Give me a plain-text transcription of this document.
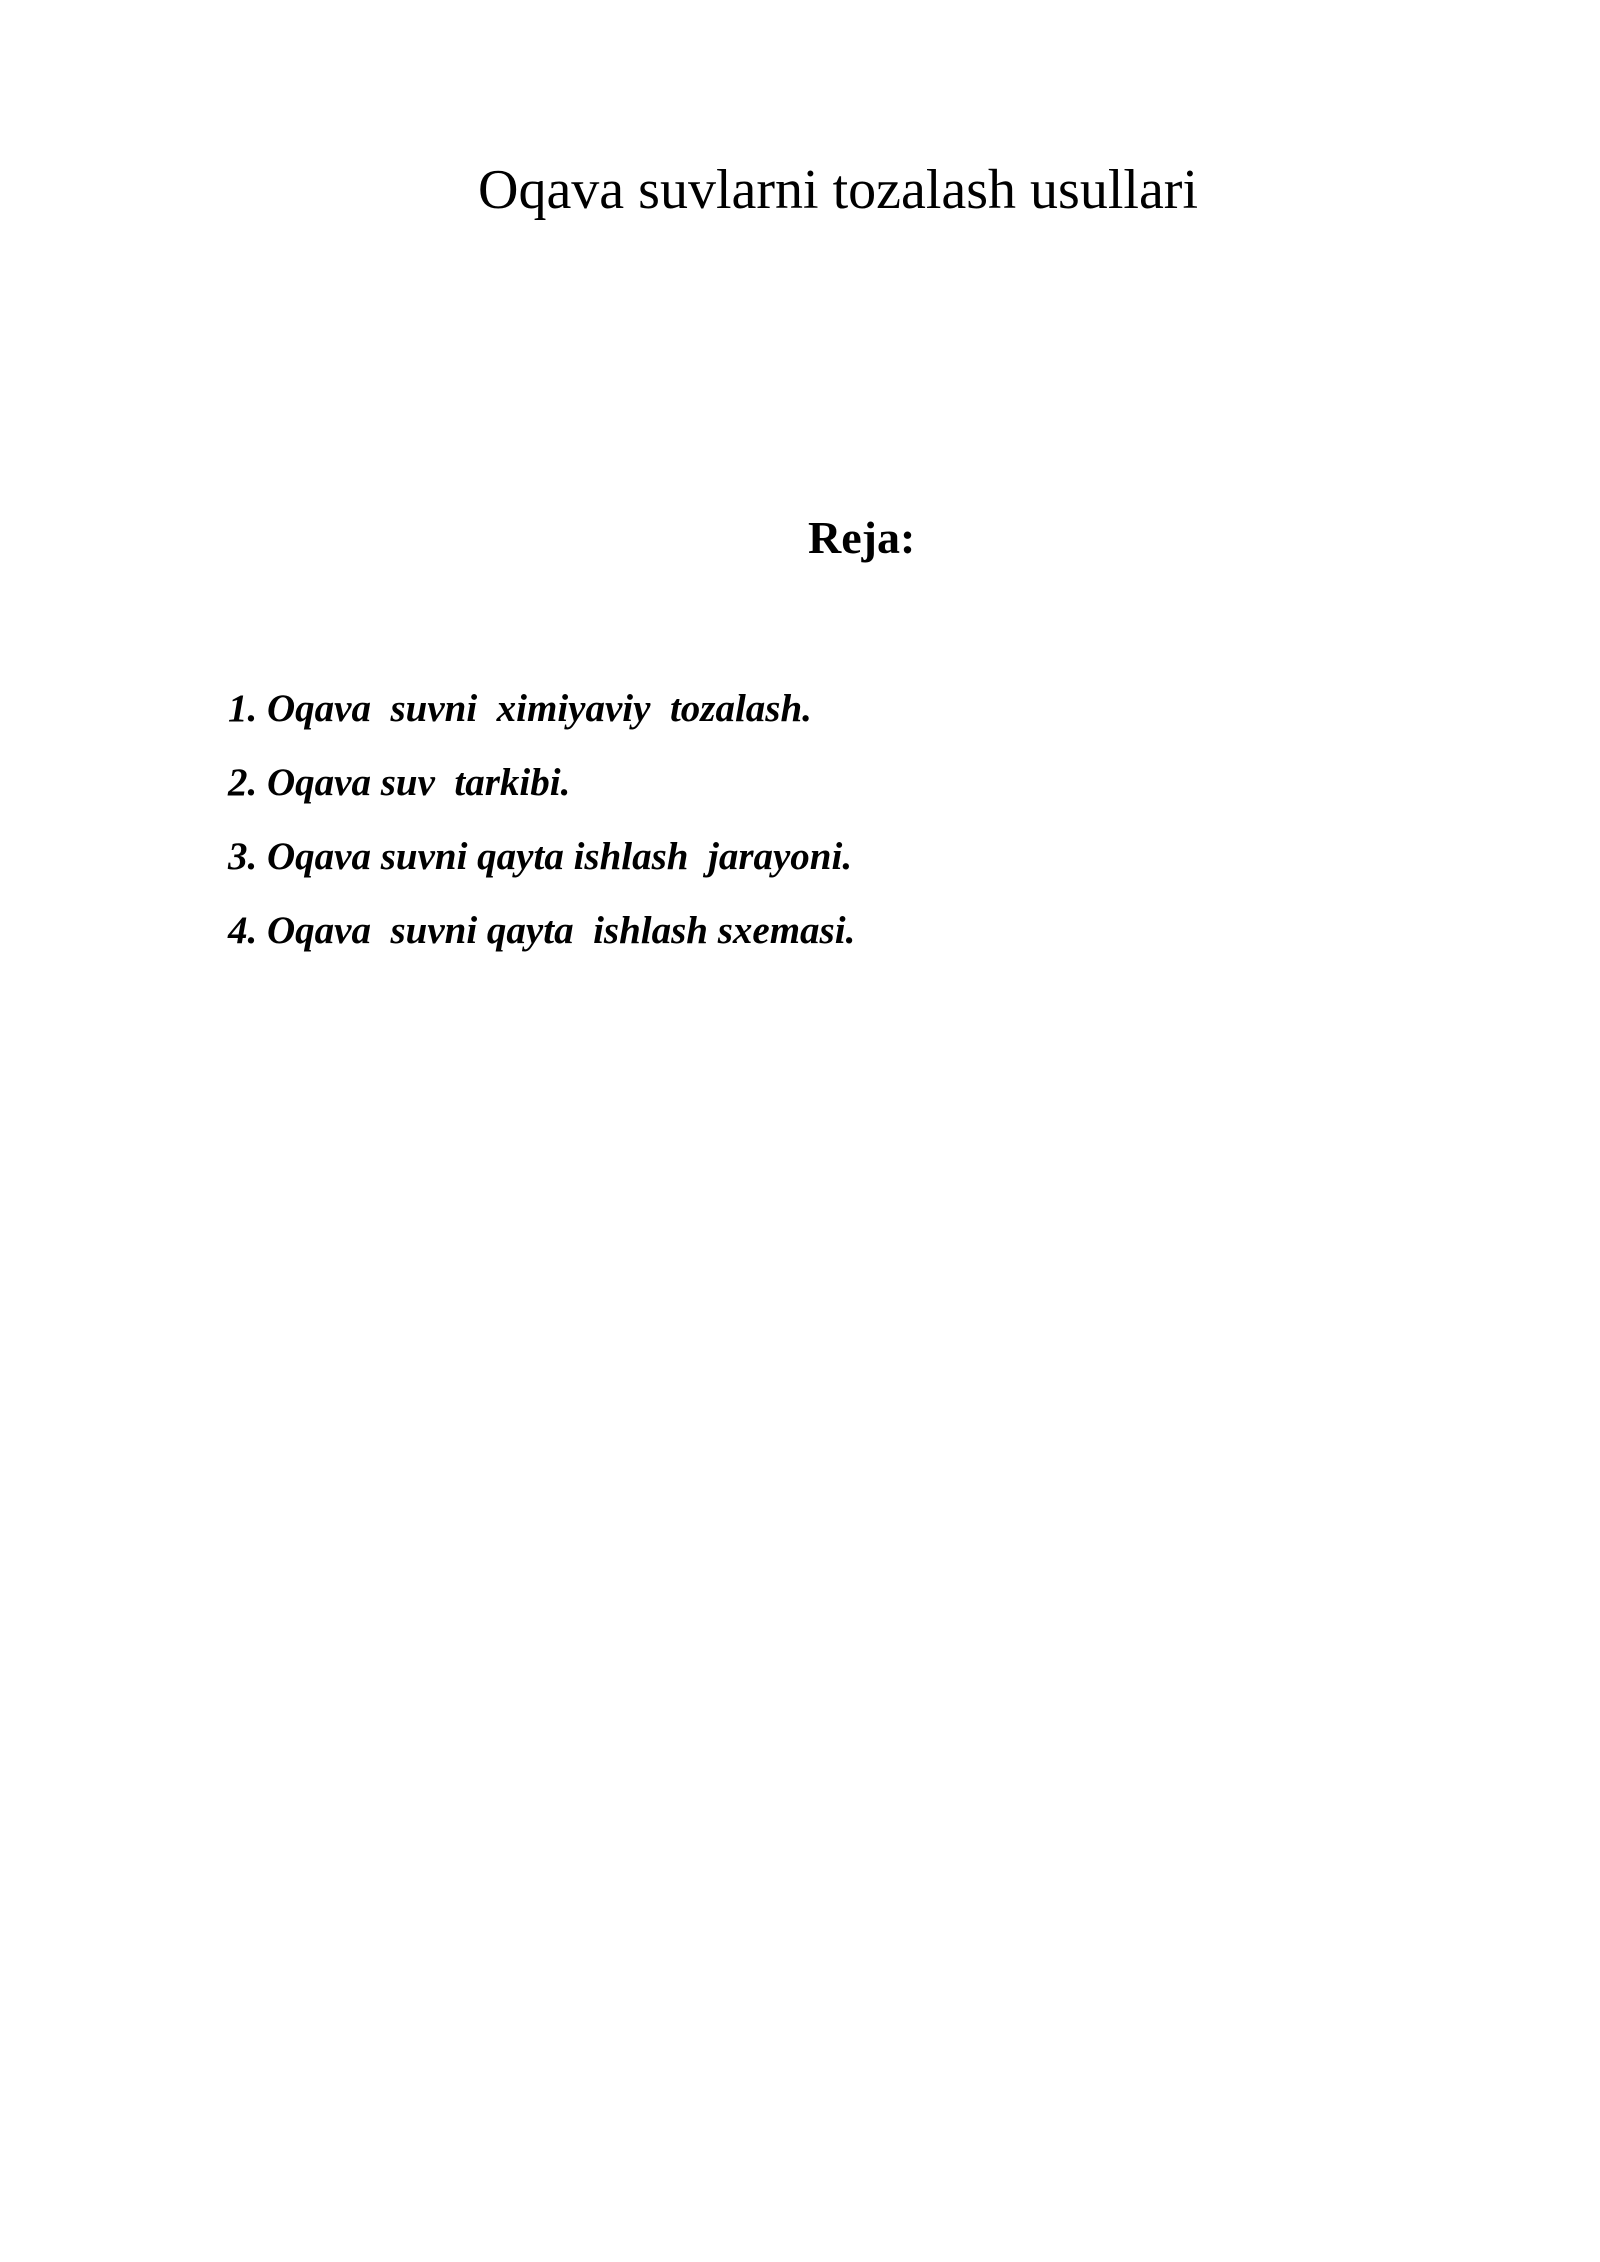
Oqava suvlarni tozalash usullari
Reja:
1. Oqava  suvni  ximiyaviy  tozalash.
2. Oqava suv  tarkibi.
3. Oqava suvni qayta ishlash  jarayoni.
4. Oqava  suvni qayta  ishlash sxemasi.
